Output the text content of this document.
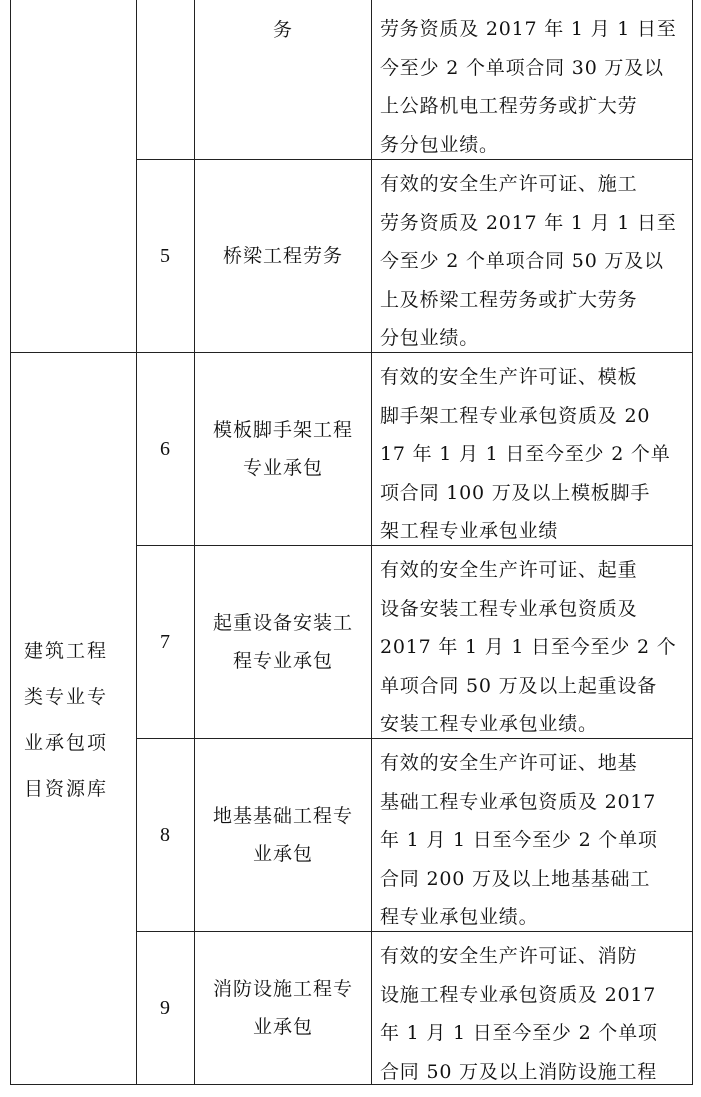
建筑工程
类专业专
业承包项
目资源库
务	劳务资质及 2017 年 1 月 1 日至
今至少 2 个单项合同 30 万及以
上公路机电工程劳务或扩大劳
务分包业绩。
5	桥梁工程劳务
有效的安全生产许可证、施工
劳务资质及 2017 年 1 月 1 日至
今至少 2 个单项合同 50 万及以
上及桥梁工程劳务或扩大劳务
分包业绩。
6
模板脚手架工程
专业承包
有效的安全生产许可证、模板
脚手架工程专业承包资质及 20
17 年 1 月 1 日至今至少 2 个单
项合同 100 万及以上模板脚手
架工程专业承包业绩
7
起重设备安装工
程专业承包
有效的安全生产许可证、起重
设备安装工程专业承包资质及
2017 年 1 月 1 日至今至少 2 个
单项合同 50 万及以上起重设备
安装工程专业承包业绩。
8
地基基础工程专
业承包
有效的安全生产许可证、地基
基础工程专业承包资质及 2017
年 1 月 1 日至今至少 2 个单项
合同 200 万及以上地基基础工
程专业承包业绩。
9
消防设施工程专
业承包
有效的安全生产许可证、消防
设施工程专业承包资质及 2017
年 1 月 1 日至今至少 2 个单项
合同 50 万及以上消防设施工程
